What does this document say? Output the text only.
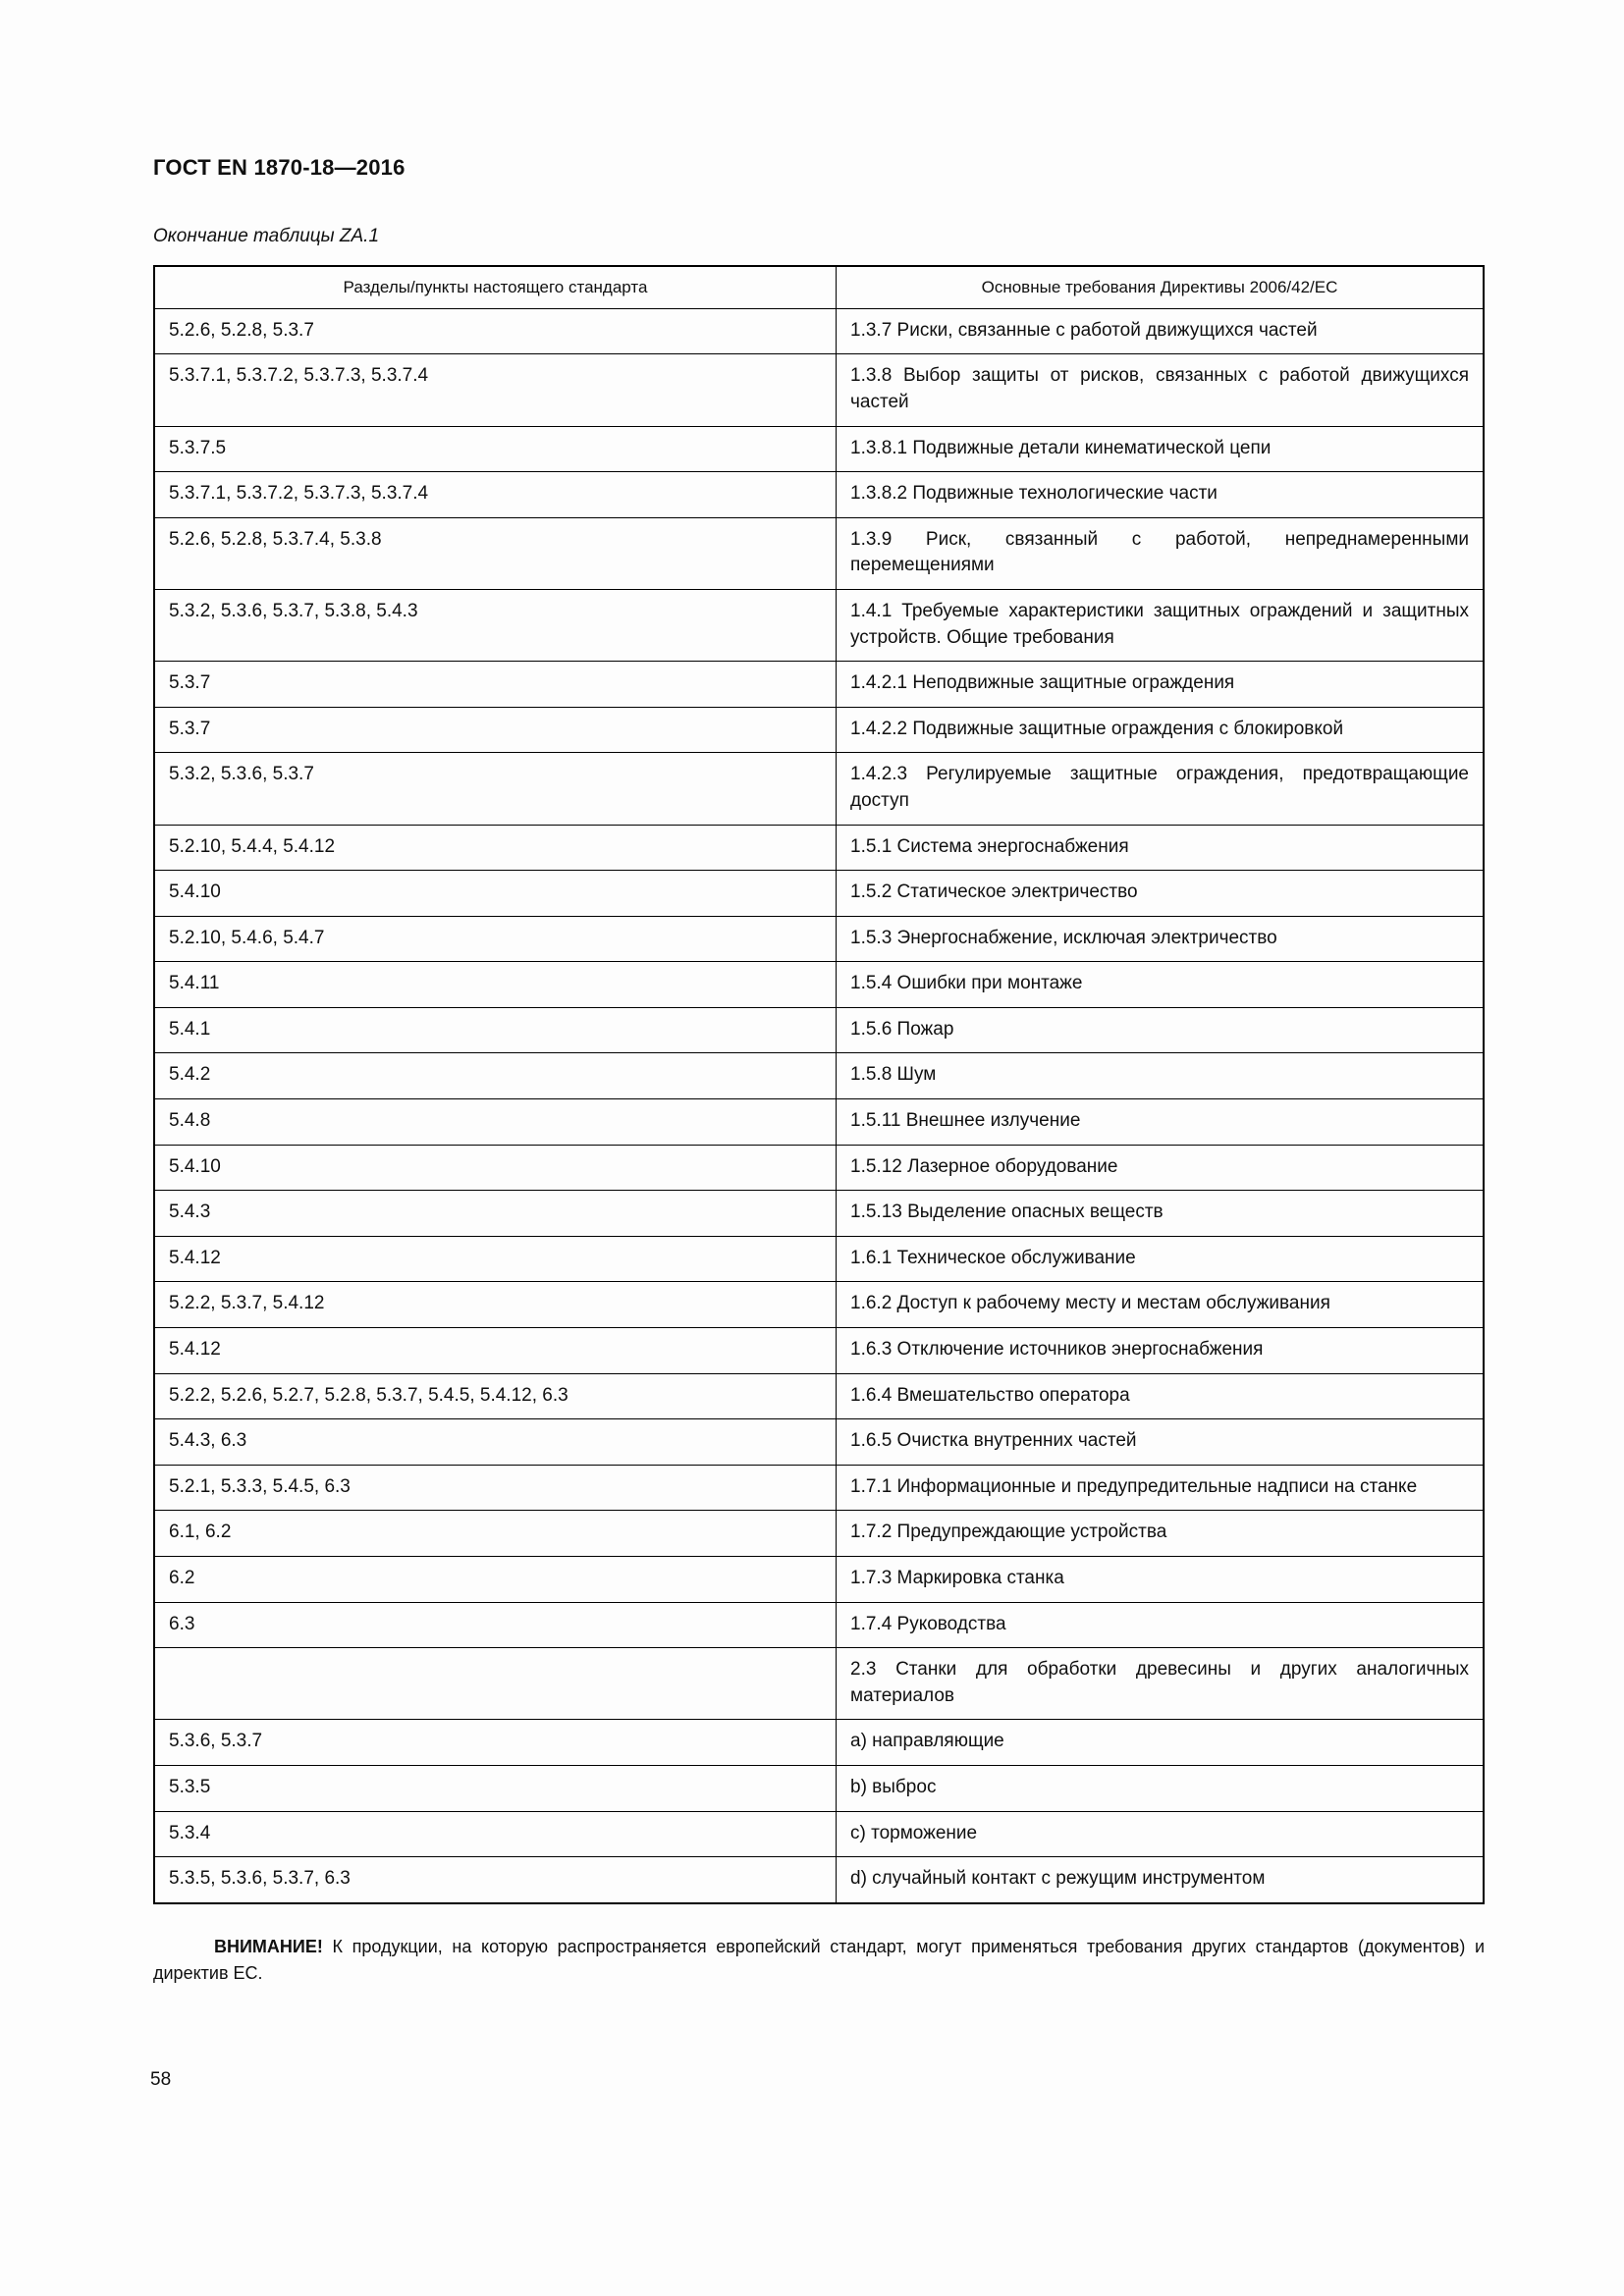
ГОСТ EN 1870-18—2016
Окончание таблицы ZA.1
Разделы/пункты настоящего стандарта	Основные требования Директивы 2006/42/ЕС
5.2.6, 5.2.8, 5.3.7	1.3.7 Риски, связанные с работой движущихся частей
5.3.7.1, 5.3.7.2, 5.3.7.3, 5.3.7.4	1.3.8 Выбор защиты от рисков, связанных с работой движущихся частей
5.3.7.5	1.3.8.1 Подвижные детали кинематической цепи
5.3.7.1, 5.3.7.2, 5.3.7.3, 5.3.7.4	1.3.8.2 Подвижные технологические части
5.2.6, 5.2.8, 5.3.7.4, 5.3.8	1.3.9 Риск, связанный с работой, непреднамеренными перемещениями
5.3.2, 5.3.6, 5.3.7, 5.3.8, 5.4.3	1.4.1 Требуемые характеристики защитных ограждений и защитных устройств. Общие требования
5.3.7	1.4.2.1 Неподвижные защитные ограждения
5.3.7	1.4.2.2 Подвижные защитные ограждения с блокировкой
5.3.2, 5.3.6, 5.3.7	1.4.2.3 Регулируемые защитные ограждения, предотвращающие доступ
5.2.10, 5.4.4, 5.4.12	1.5.1 Система энергоснабжения
5.4.10	1.5.2 Статическое электричество
5.2.10, 5.4.6, 5.4.7	1.5.3 Энергоснабжение, исключая электричество
5.4.11	1.5.4 Ошибки при монтаже
5.4.1	1.5.6 Пожар
5.4.2	1.5.8 Шум
5.4.8	1.5.11 Внешнее излучение
5.4.10	1.5.12 Лазерное оборудование
5.4.3	1.5.13 Выделение опасных веществ
5.4.12	1.6.1 Техническое обслуживание
5.2.2, 5.3.7, 5.4.12	1.6.2 Доступ к рабочему месту и местам обслуживания
5.4.12	1.6.3 Отключение источников энергоснабжения
5.2.2, 5.2.6, 5.2.7, 5.2.8, 5.3.7, 5.4.5, 5.4.12, 6.3	1.6.4 Вмешательство оператора
5.4.3, 6.3	1.6.5 Очистка внутренних частей
5.2.1, 5.3.3, 5.4.5, 6.3	1.7.1 Информационные и предупредительные надписи на станке
6.1, 6.2	1.7.2 Предупреждающие устройства
6.2	1.7.3 Маркировка станка
6.3	1.7.4 Руководства
	2.3 Станки для обработки древесины и других аналогичных материалов
5.3.6, 5.3.7	a) направляющие
5.3.5	b) выброс
5.3.4	c) торможение
5.3.5, 5.3.6, 5.3.7, 6.3	d) случайный контакт с режущим инструментом

ВНИМАНИЕ! К продукции, на которую распространяется европейский стандарт, могут применяться требования других стандартов (документов) и директив ЕС.

58
